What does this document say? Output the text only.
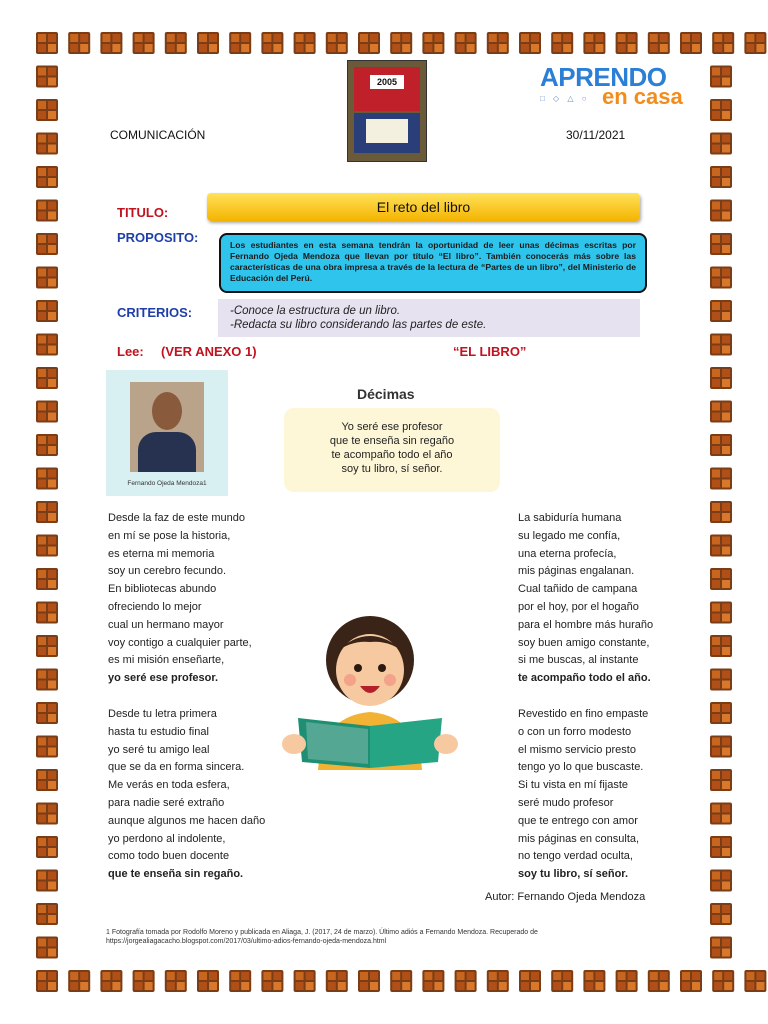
2005	APRENDO
□ ◇ △ ○ en casa
COMUNICACIÓN	30/11/2021
TITULO:	El reto del libro
PROPOSITO:	Los estudiantes en esta semana tendrán la oportunidad de leer unas décimas escritas por Fernando Ojeda Mendoza que llevan por título “El libro”. También conocerás más sobre las características de una obra impresa a través de la lectura de “Partes de un libro”, del Ministerio de Educación del Perú.
CRITERIOS:	-Conoce la estructura de un libro.
-Redacta su libro considerando las partes de este.
Lee: (VER ANEXO 1)	“EL LIBRO”
Fernando Ojeda Mendoza1
Décimas
Yo seré ese profesor
que te enseña sin regaño
te acompaño todo el año
soy tu libro, sí señor.
Desde la faz de este mundo
en mí se pose la historia,
es eterna mi memoria
soy un cerebro fecundo.
En bibliotecas abundo
ofreciendo lo mejor
cual un hermano mayor
voy contigo a cualquier parte,
es mi misión enseñarte,
yo seré ese profesor.
La sabiduría humana
su legado me confía,
una eterna profecía,
mis páginas engalanan.
Cual tañido de campana
por el hoy, por el hogaño
para el hombre más huraño
soy buen amigo constante,
si me buscas, al instante
te acompaño todo el año.
Desde tu letra primera
hasta tu estudio final
yo seré tu amigo leal
que se da en forma sincera.
Me verás en toda esfera,
para nadie seré extraño
aunque algunos me hacen daño
yo perdono al indolente,
como todo buen docente
que te enseña sin regaño.
Revestido en fino empaste
o con un forro modesto
el mismo servicio presto
tengo yo lo que buscaste.
Si tu vista en mí fijaste
seré mudo profesor
que te entrego con amor
mis páginas en consulta,
no tengo verdad oculta,
soy tu libro, sí señor.
Autor: Fernando Ojeda Mendoza
1 Fotografía tomada por Rodolfo Moreno y publicada en Aliaga, J. (2017, 24 de marzo). Último adiós a Fernando Mendoza. Recuperado de https://jorgealiagacacho.blogspot.com/2017/03/ultimo-adios-fernando-ojeda-mendoza.html
